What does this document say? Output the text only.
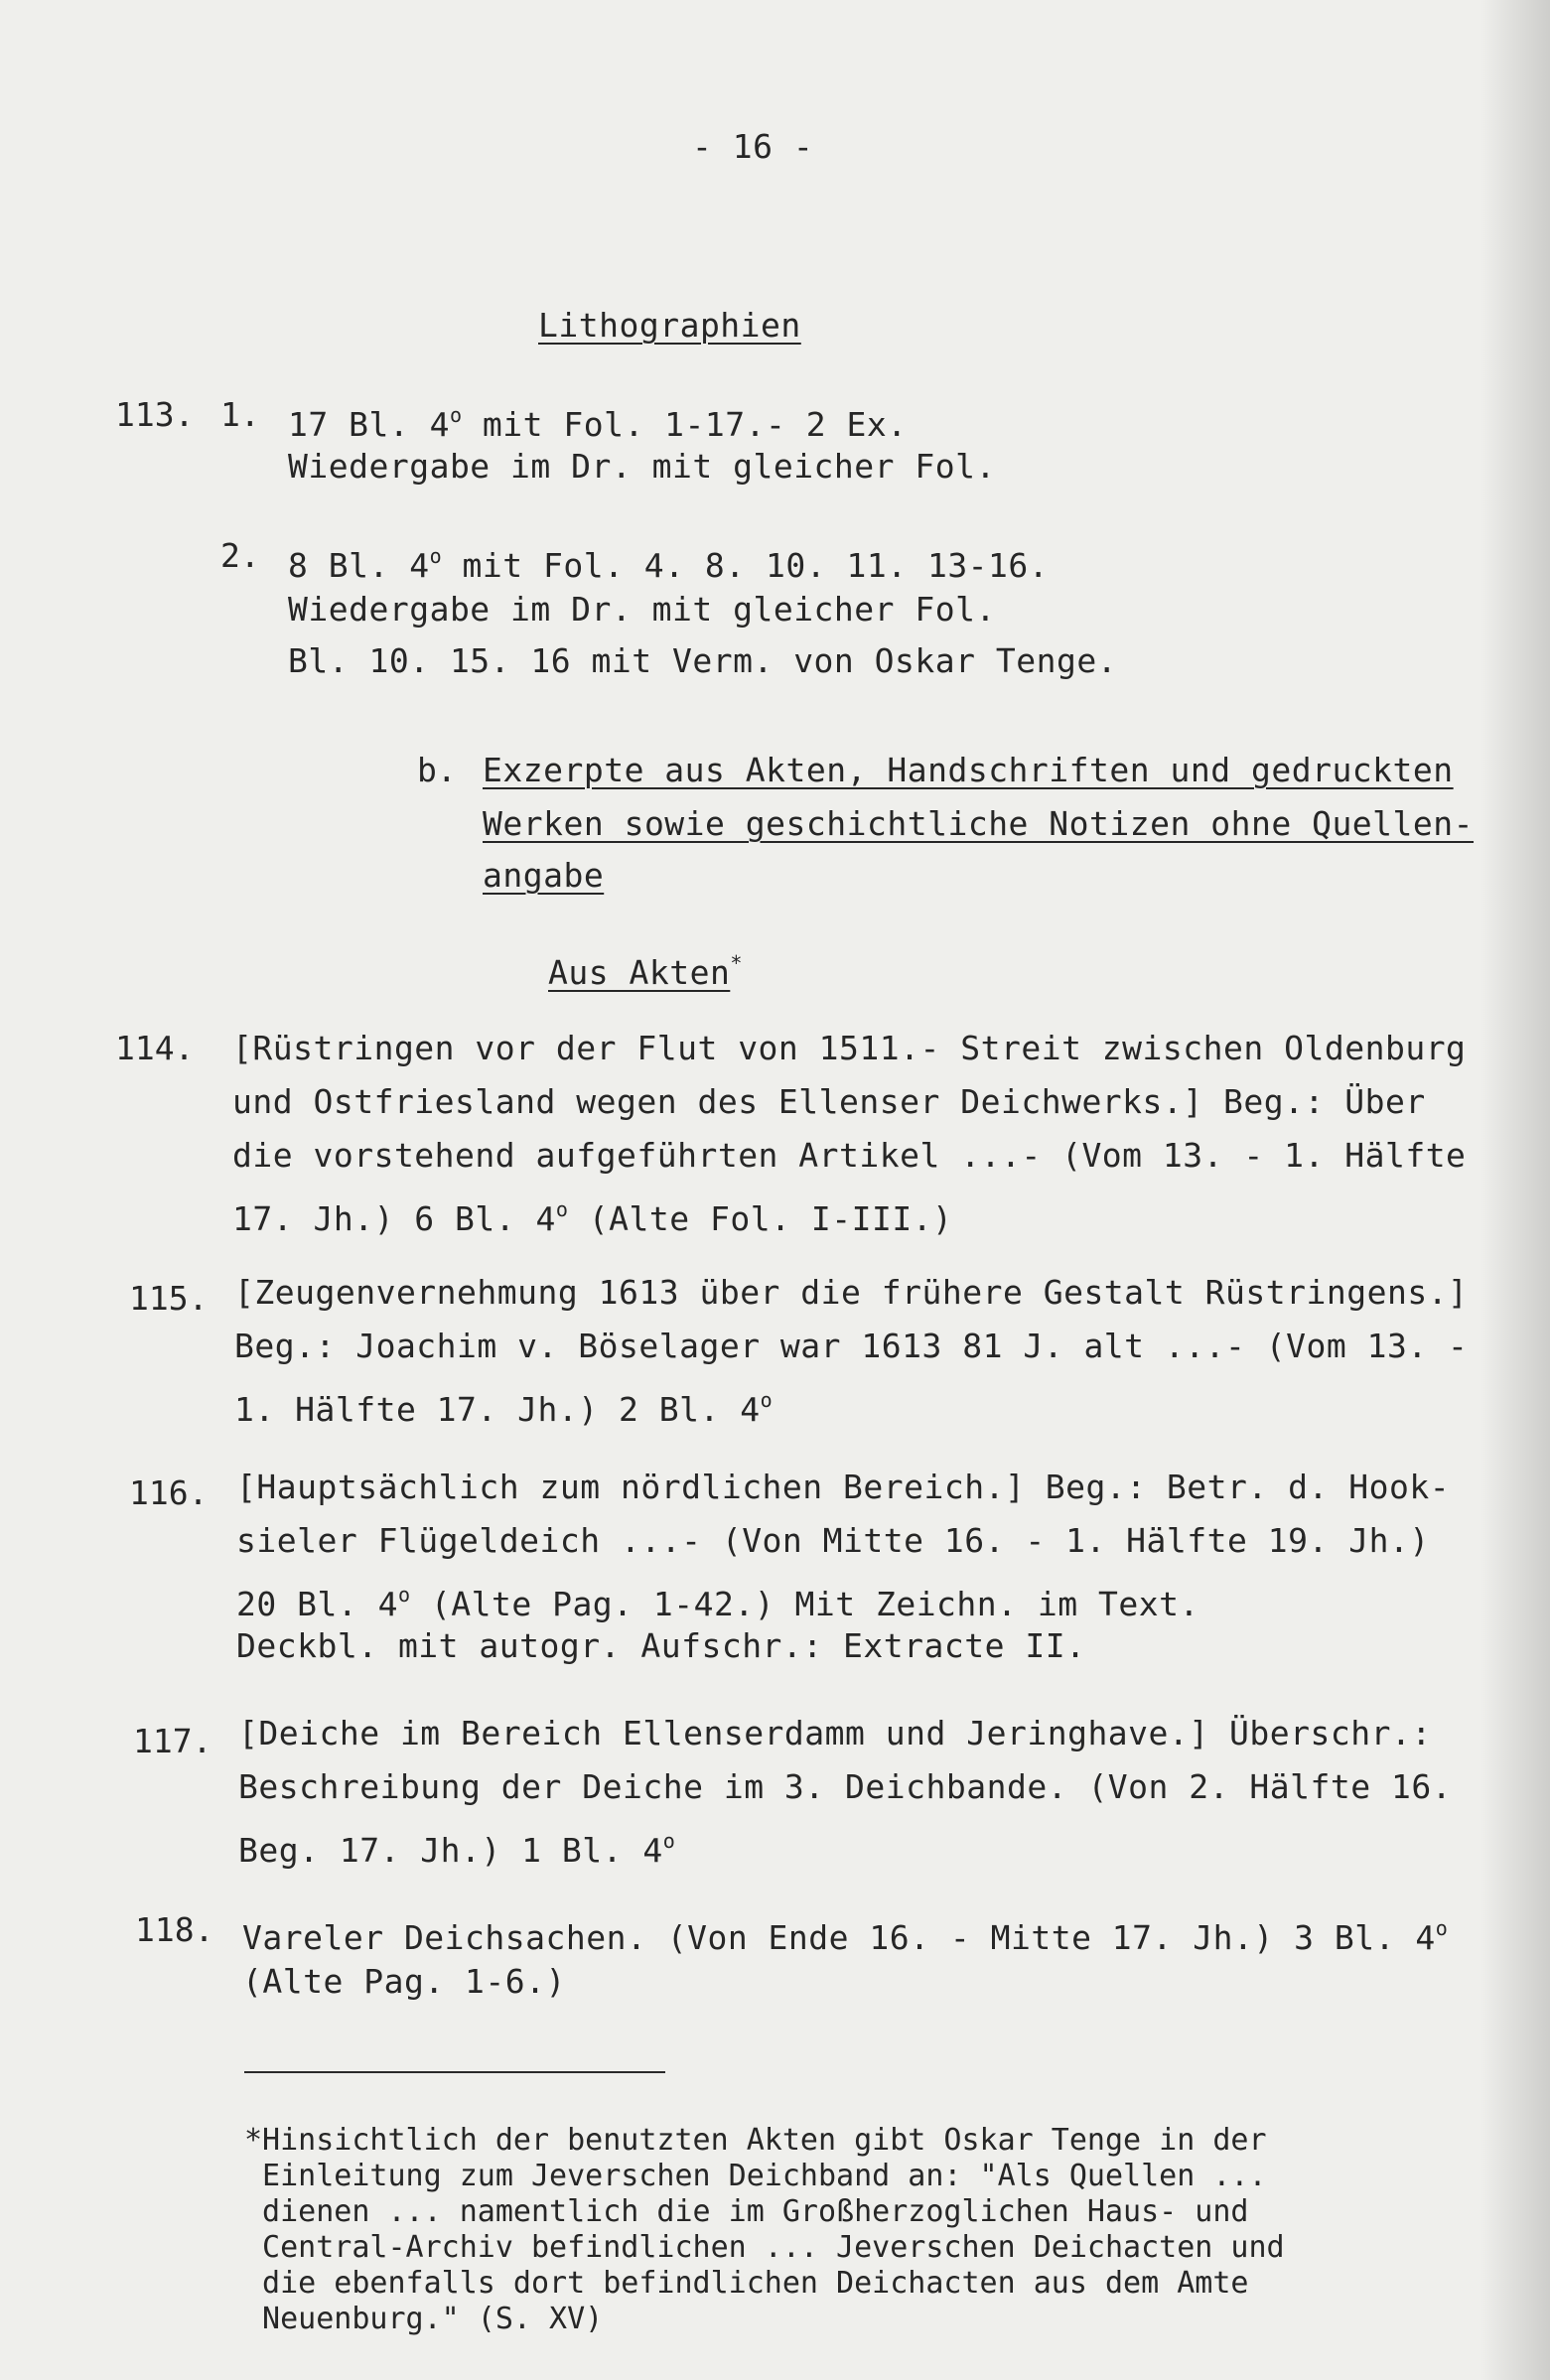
- 16 -
Lithographien
113. 1. 17 Bl. 4$^o$ mit Fol. 1-17.- 2 Ex.
Wiedergabe im Dr. mit gleicher Fol.
2. 8 Bl. 4$^o$ mit Fol. 4. 8. 10. 11. 13-16.
Wiedergabe im Dr. mit gleicher Fol.
Bl. 10. 15. 16 mit Verm. von Oskar Tenge.
b. Exzerpte aus Akten, Handschriften und gedruckten
Werken sowie geschichtliche Notizen ohne Quellen-
angabe
Aus Akten*
114. [Rüstringen vor der Flut von 1511.- Streit zwischen Oldenburg
und Ostfriesland wegen des Ellenser Deichwerks.] Beg.: Über
die vorstehend aufgeführten Artikel ...- (Vom 13. - 1. Hälfte
17. Jh.) 6 Bl. 4$^o$ (Alte Fol. I-III.)
115. [Zeugenvernehmung 1613 über die frühere Gestalt Rüstringens.]
Beg.: Joachim v. Böselager war 1613 81 J. alt ...- (Vom 13. -
1. Hälfte 17. Jh.) 2 Bl. 4$^o$
116. [Hauptsächlich zum nördlichen Bereich.] Beg.: Betr. d. Hook-
sieler Flügeldeich ...- (Von Mitte 16. - 1. Hälfte 19. Jh.)
20 Bl. 4$^o$ (Alte Pag. 1-42.) Mit Zeichn. im Text.
Deckbl. mit autogr. Aufschr.: Extracte II.
117. [Deiche im Bereich Ellenserdamm und Jeringhave.] Überschr.:
Beschreibung der Deiche im 3. Deichbande. (Von 2. Hälfte 16.
Beg. 17. Jh.) 1 Bl. 4$^o$
118. Vareler Deichsachen. (Von Ende 16. - Mitte 17. Jh.) 3 Bl. 4$^o$
(Alte Pag. 1-6.)
*Hinsichtlich der benutzten Akten gibt Oskar Tenge in der
Einleitung zum Jeverschen Deichband an: "Als Quellen ...
dienen ... namentlich die im Großherzoglichen Haus- und
Central-Archiv befindlichen ... Jeverschen Deichacten und
die ebenfalls dort befindlichen Deichacten aus dem Amte
Neuenburg." (S. XV)
